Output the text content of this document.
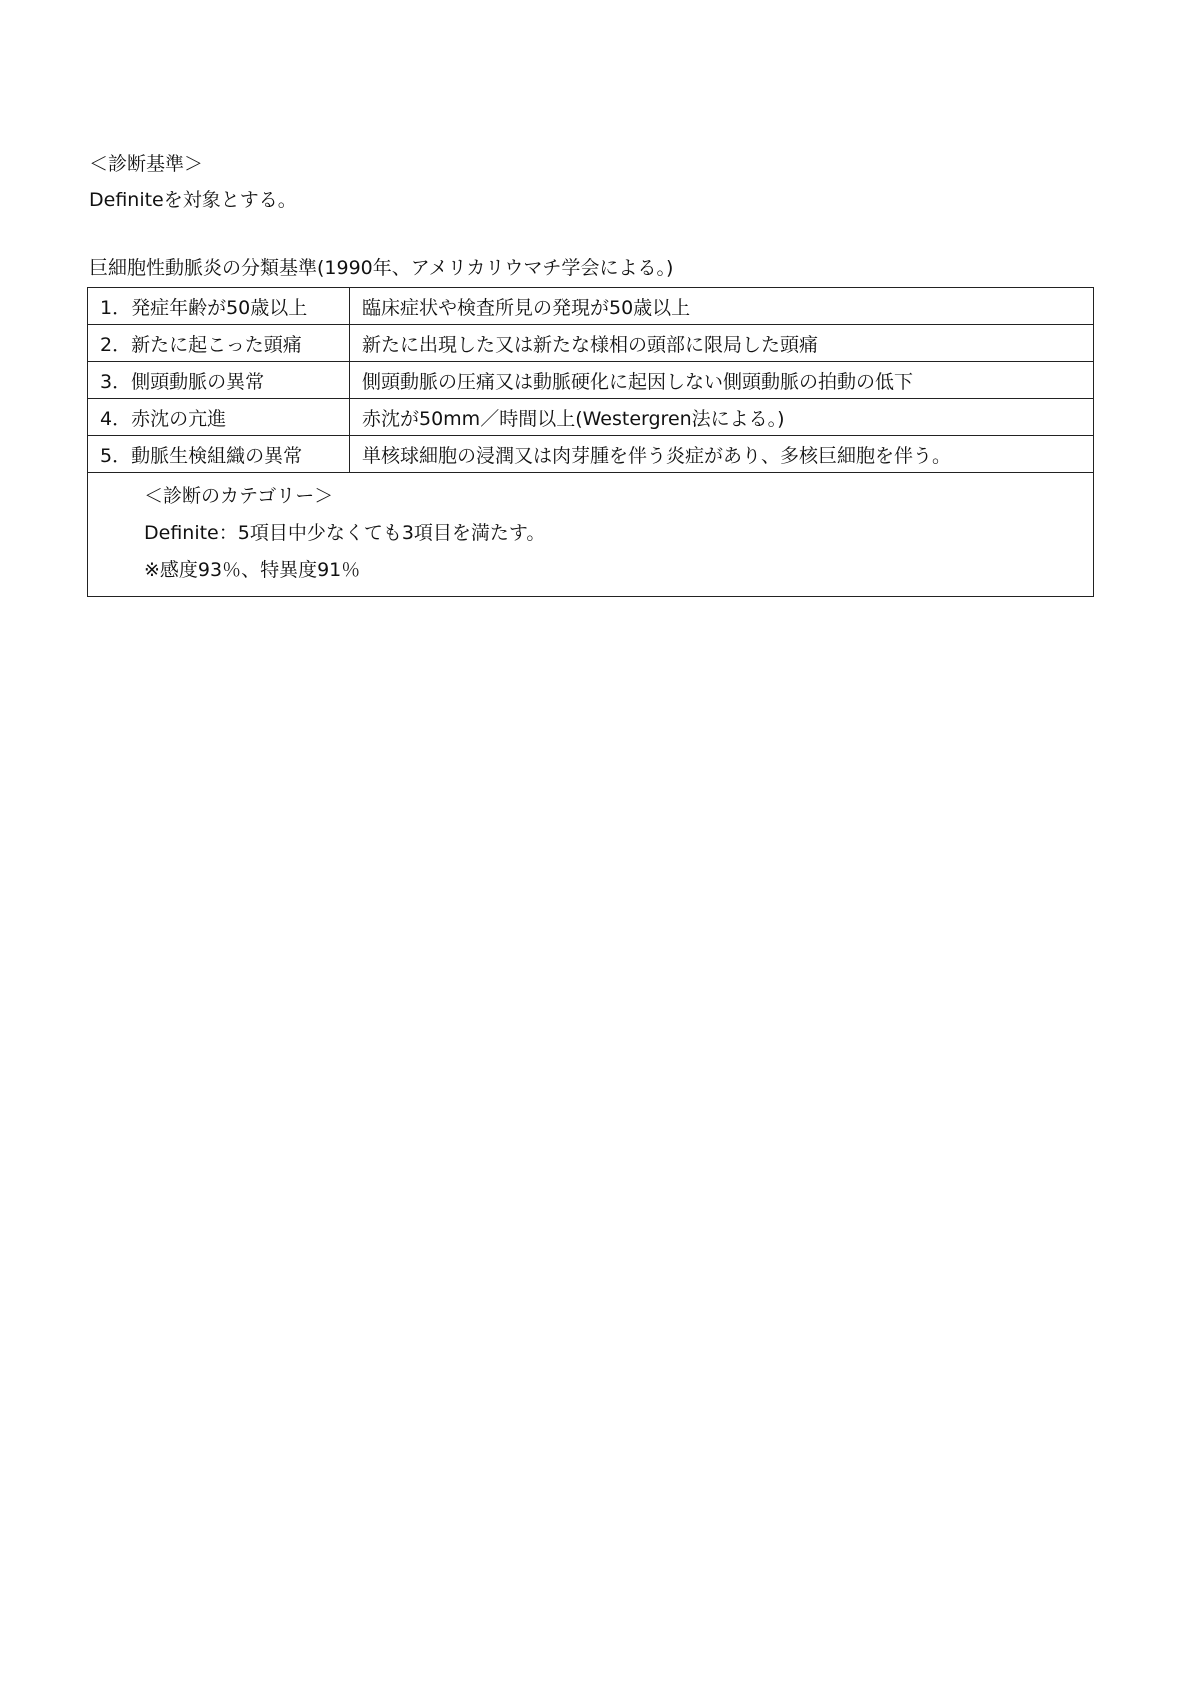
＜診断基準＞
Definiteを対象とする。
巨細胞性動脈炎の分類基準(1990年、アメリカリウマチ学会による。)
1．発症年齢が50歳以上	臨床症状や検査所見の発現が50歳以上
2．新たに起こった頭痛	新たに出現した又は新たな様相の頭部に限局した頭痛
3．側頭動脈の異常	側頭動脈の圧痛又は動脈硬化に起因しない側頭動脈の拍動の低下
4．赤沈の亢進	赤沈が50mm／時間以上(Westergren法による。)
5．動脈生検組織の異常	単核球細胞の浸潤又は肉芽腫を伴う炎症があり、多核巨細胞を伴う。

＜診断のカテゴリー＞
Definite：5項目中少なくても3項目を満たす。
※感度93％、特異度91％	
